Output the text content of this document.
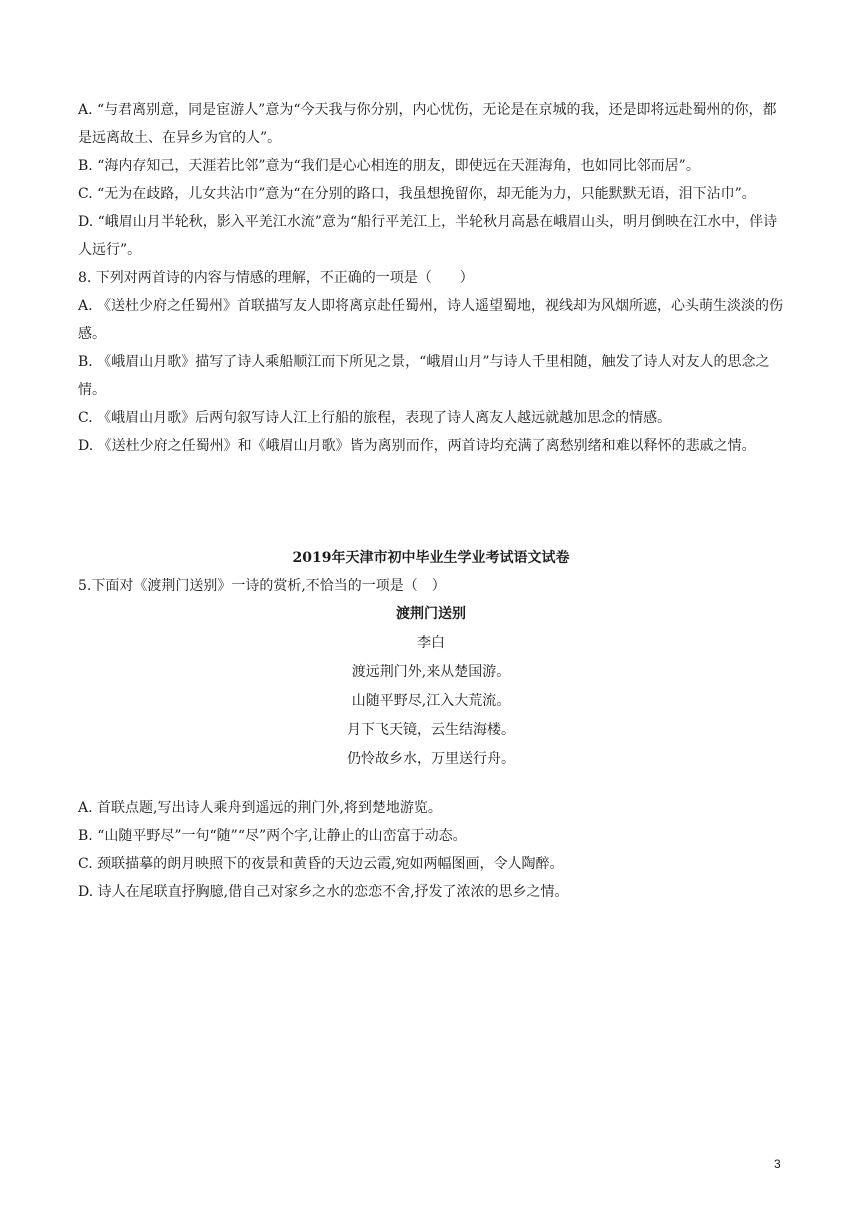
A. “与君离别意，同是宦游人”意为“今天我与你分别，内心忧伤，无论是在京城的我，还是即将远赴蜀州的你，都是远离故土、在异乡为官的人”。

B. “海内存知己，天涯若比邻”意为“我们是心心相连的朋友，即使远在天涯海角，也如同比邻而居”。

C. “无为在歧路，儿女共沾巾”意为“在分别的路口，我虽想挽留你，却无能为力，只能默默无语，泪下沾巾”。

D. “峨眉山月半轮秋，影入平羌江水流”意为“船行平羌江上，半轮秋月高悬在峨眉山头，明月倒映在江水中，伴诗人远行”。

8. 下列对两首诗的内容与情感的理解，不正确的一项是（　　）

A. 《送杜少府之任蜀州》首联描写友人即将离京赴任蜀州，诗人遥望蜀地，视线却为风烟所遮，心头萌生淡淡的伤感。

B. 《峨眉山月歌》描写了诗人乘船顺江而下所见之景，“峨眉山月”与诗人千里相随，触发了诗人对友人的思念之情。

C. 《峨眉山月歌》后两句叙写诗人江上行船的旅程，表现了诗人离友人越远就越加思念的情感。

D. 《送杜少府之任蜀州》和《峨眉山月歌》皆为离别而作，两首诗均充满了离愁别绪和难以释怀的悲戚之情。

2019年天津市初中毕业生学业考试语文试卷

5.下面对《渡荆门送别》一诗的赏析,不恰当的一项是（　）

渡荆门送别

李白

渡远荆门外,来从楚国游。

山随平野尽,江入大荒流。

月下飞天镜，云生结海楼。

仍怜故乡水，万里送行舟。

A. 首联点题,写出诗人乘舟到遥远的荆门外,将到楚地游览。

B. “山随平野尽”一句“随”“尽”两个字,让静止的山峦富于动态。

C. 颈联描摹的朗月映照下的夜景和黄昏的天边云霞,宛如两幅图画，令人陶醉。

D. 诗人在尾联直抒胸臆,借自己对家乡之水的恋恋不舍,抒发了浓浓的思乡之情。

3
